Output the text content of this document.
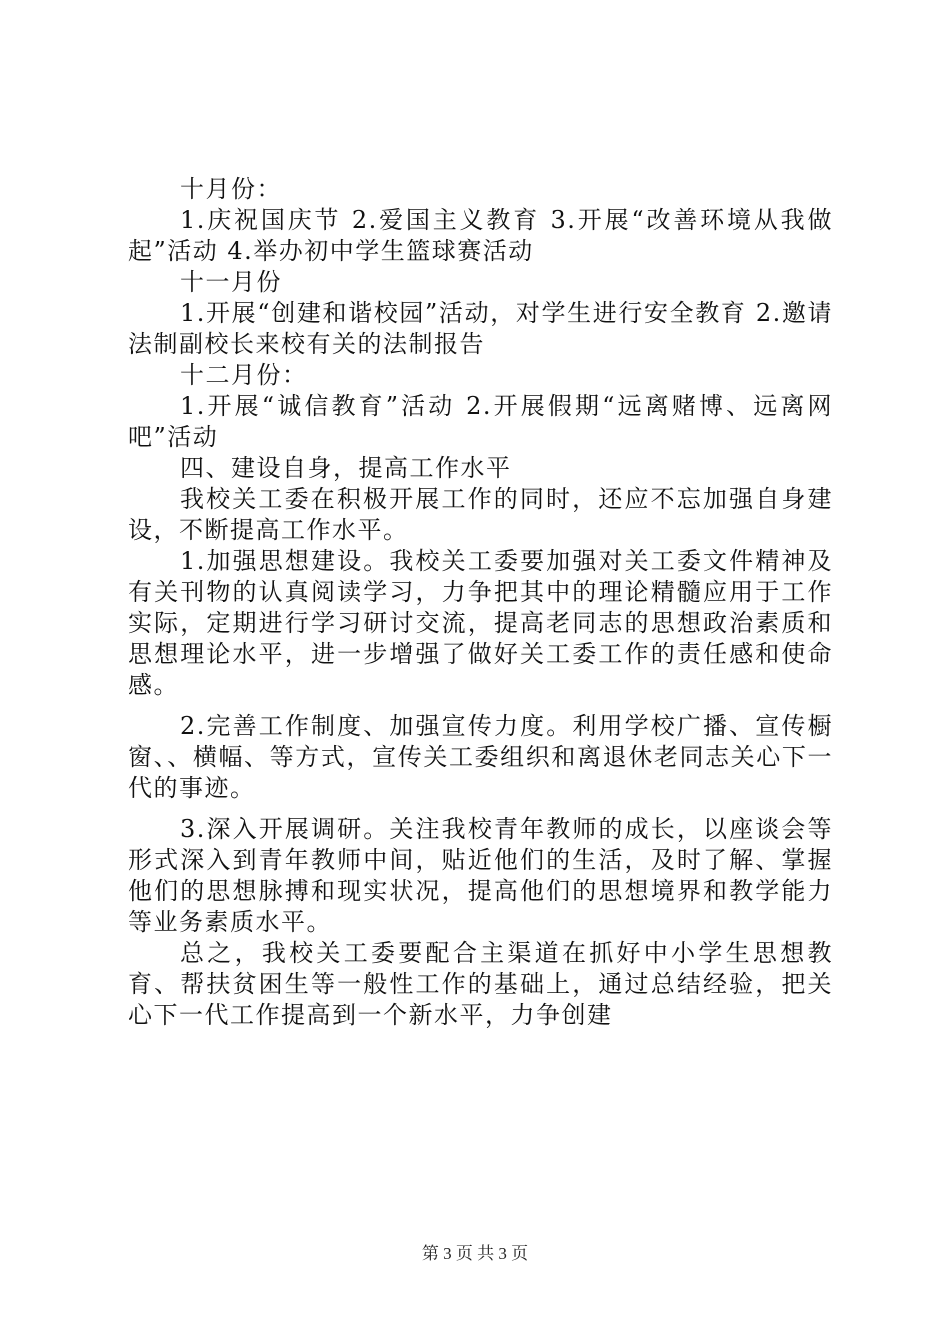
十月份：

1.庆祝国庆节 2.爱国主义教育 3.开展“改善环境从我做起”活动 4.举办初中学生篮球赛活动

十一月份

1.开展“创建和谐校园”活动，对学生进行安全教育 2.邀请法制副校长来校有关的法制报告

十二月份：

1.开展“诚信教育”活动 2.开展假期“远离赌博、远离网吧”活动

四、建设自身，提高工作水平

我校关工委在积极开展工作的同时，还应不忘加强自身建设，不断提高工作水平。

1.加强思想建设。我校关工委要加强对关工委文件精神及有关刊物的认真阅读学习，力争把其中的理论精髓应用于工作实际，定期进行学习研讨交流，提高老同志的思想政治素质和思想理论水平，进一步增强了做好关工委工作的责任感和使命感。

2.完善工作制度、加强宣传力度。利用学校广播、宣传橱窗、、横幅、等方式，宣传关工委组织和离退休老同志关心下一代的事迹。

3.深入开展调研。关注我校青年教师的成长，以座谈会等形式深入到青年教师中间，贴近他们的生活，及时了解、掌握他们的思想脉搏和现实状况，提高他们的思想境界和教学能力等业务素质水平。

总之，我校关工委要配合主渠道在抓好中小学生思想教育、帮扶贫困生等一般性工作的基础上，通过总结经验，把关心下一代工作提高到一个新水平，力争创建

第 3 页 共 3 页
